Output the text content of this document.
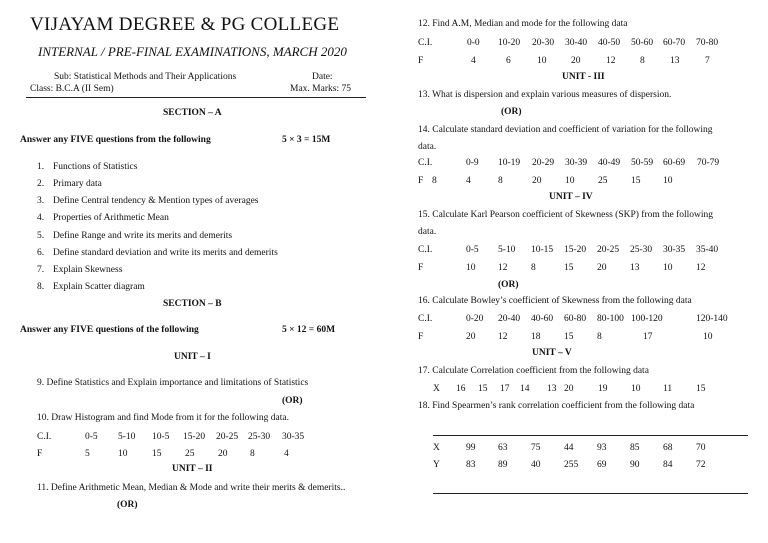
VIJAYAM DEGREE & PG COLLEGE
INTERNAL / PRE-FINAL EXAMINATIONS, MARCH 2020
Sub: Statistical Methods and Their Applications	Date:
Class: B.C.A (II Sem)	Max. Marks: 75
SECTION – A
Answer any FIVE questions from the following	5 × 3 = 15M
1. Functions of Statistics
2. Primary data
3. Define Central tendency & Mention types of averages
4. Properties of Arithmetic Mean
5. Define Range and write its merits and demerits
6. Define standard deviation and write its merits and demerits
7. Explain Skewness
8. Explain Scatter diagram
SECTION – B
Answer any FIVE questions of the following	5 × 12 = 60M
UNIT – I
9. Define Statistics and Explain importance and limitations of Statistics
(OR)
10. Draw Histogram and find Mode from it for the following data.
C.I.	0-5 5-10 10-5 15-20 20-25 25-30 30-35
F	5	10	15 25 20 8	4
UNIT – II
11. Define Arithmetic Mean, Median & Mode and write their merits & demerits..
(OR)
12. Find A.M, Median and mode for the following data
C.I.	0-0 10-20 20-30 30-40 40-50 50-60 60-70 70-80
F	4	6	10	20	12	8	13	7
UNIT - III
13. What is dispersion and explain various measures of dispersion.
(OR)
14. Calculate standard deviation and coefficient of variation for the following
data.
C.I.	0-9 10-19 20-29 30-39 40-49 50-59 60-69 70-79
F 8	4	8	20 10 25 15 10
UNIT – IV
15. Calculate Karl Pearson coefficient of Skewness (SKP) from the following
data.
C.I.	0-5 5-10 10-15 15-20 20-25 25-30 30-35 35-40
F	10 12 8	15 20 13 10 12
(OR)
16. Calculate Bowley’s coefficient of Skewness from the following data
C.I.	0-20 20-40 40-60 60-80 80-100 100-120	120-140
F	20 12 18 15 8	17	10
UNIT – V
17. Calculate Correlation coefficient from the following data
X 16 15 17 14 13 20	19 10 11	15
18. Find Spearmen’s rank correlation coefficient from the following data
X	99 63 75 44 93 85 68 70
Y	83 89 40 255 69 90 84 72
